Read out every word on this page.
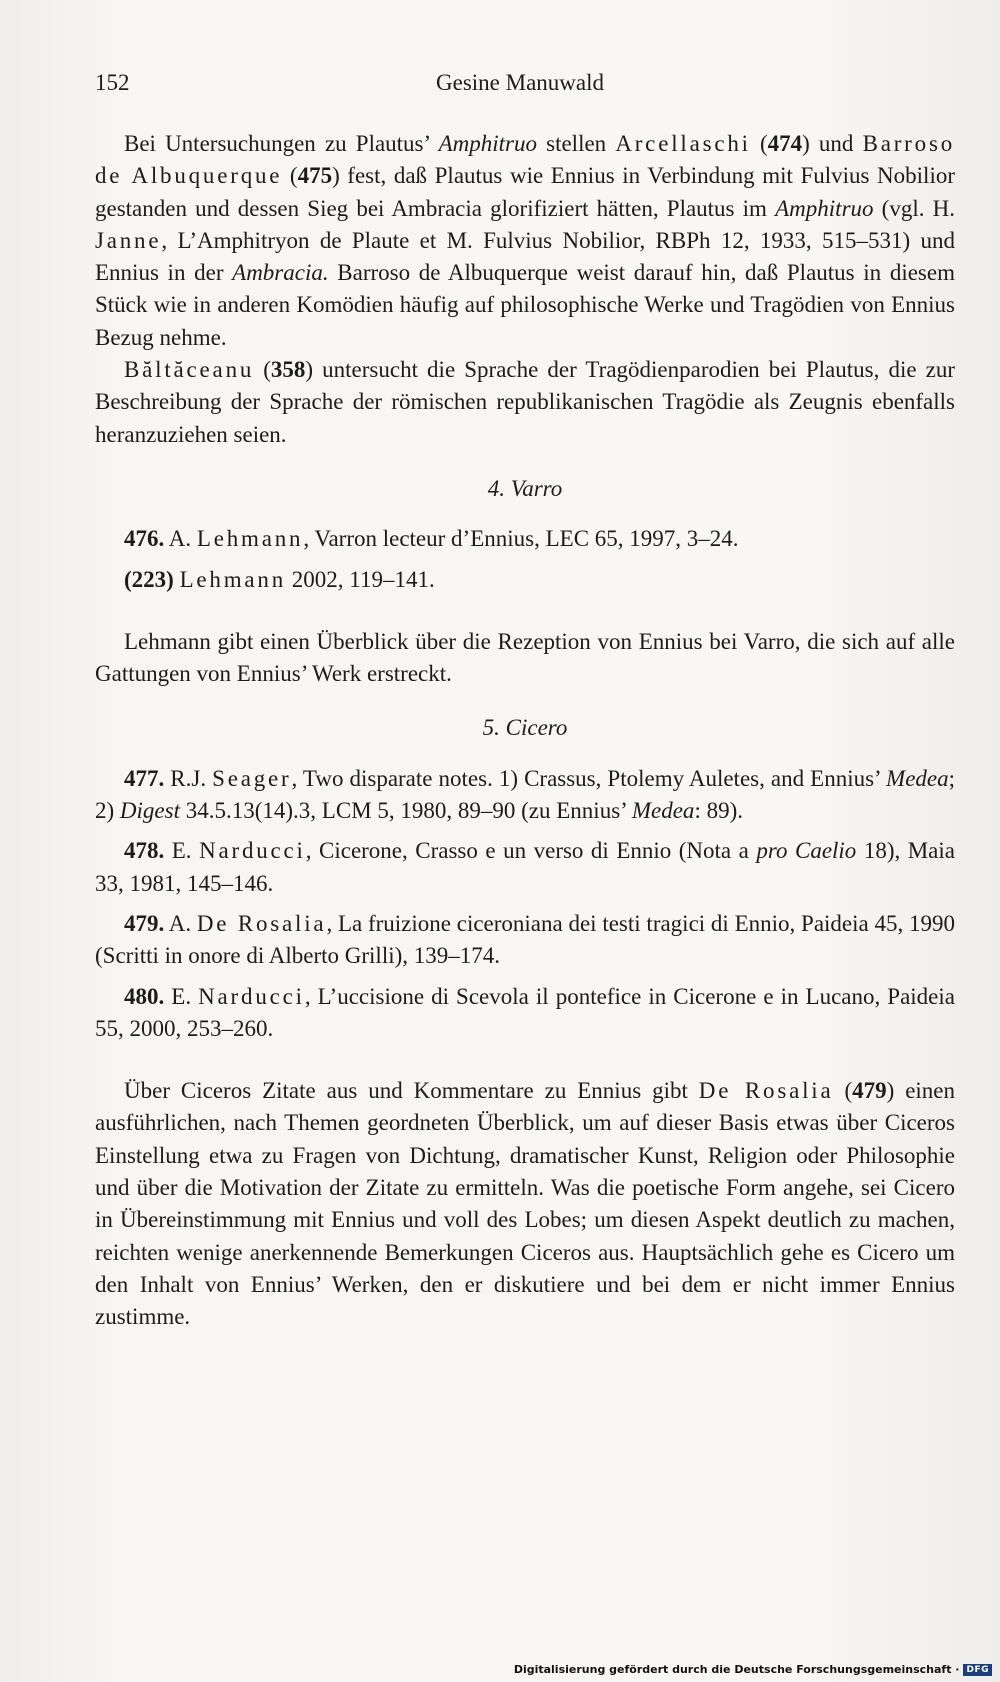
152	Gesine Manuwald

Bei Untersuchungen zu Plautus’ Amphitruo stellen Arcellaschi (474) und Barroso de Albuquerque (475) fest, daß Plautus wie Ennius in Verbindung mit Fulvius Nobilior gestanden und dessen Sieg bei Ambracia glorifiziert hätten, Plautus im Amphitruo (vgl. H. Janne, L’Amphitryon de Plaute et M. Fulvius Nobilior, RBPh 12, 1933, 515–531) und Ennius in der Ambracia. Barroso de Albuquerque weist darauf hin, daß Plautus in diesem Stück wie in anderen Komödien häufig auf philosophische Werke und Tragödien von Ennius Bezug nehme.

Băltăceanu (358) untersucht die Sprache der Tragödienparodien bei Plautus, die zur Beschreibung der Sprache der römischen republikanischen Tragödie als Zeugnis ebenfalls heranzuziehen seien.

4. Varro

476. A. Lehmann, Varron lecteur d’Ennius, LEC 65, 1997, 3–24.

(223) Lehmann 2002, 119–141.

Lehmann gibt einen Überblick über die Rezeption von Ennius bei Varro, die sich auf alle Gattungen von Ennius’ Werk erstreckt.

5. Cicero

477. R.J. Seager, Two disparate notes. 1) Crassus, Ptolemy Auletes, and Ennius’ Medea; 2) Digest 34.5.13(14).3, LCM 5, 1980, 89–90 (zu Ennius’ Medea: 89).

478. E. Narducci, Cicerone, Crasso e un verso di Ennio (Nota a pro Caelio 18), Maia 33, 1981, 145–146.

479. A. De Rosalia, La fruizione ciceroniana dei testi tragici di Ennio, Paideia 45, 1990 (Scritti in onore di Alberto Grilli), 139–174.

480. E. Narducci, L’uccisione di Scevola il pontefice in Cicerone e in Lucano, Paideia 55, 2000, 253–260.

Über Ciceros Zitate aus und Kommentare zu Ennius gibt De Rosalia (479) einen ausführlichen, nach Themen geordneten Überblick, um auf dieser Basis etwas über Ciceros Einstellung etwa zu Fragen von Dichtung, dramatischer Kunst, Religion oder Philosophie und über die Motivation der Zitate zu ermitteln. Was die poetische Form angehe, sei Cicero in Übereinstimmung mit Ennius und voll des Lobes; um diesen Aspekt deutlich zu machen, reichten wenige anerkennende Bemerkungen Ciceros aus. Hauptsächlich gehe es Cicero um den Inhalt von Ennius’ Werken, den er diskutiere und bei dem er nicht immer Ennius zustimme.

Digitalisierung gefördert durch die Deutsche Forschungsgemeinschaft · DFG
